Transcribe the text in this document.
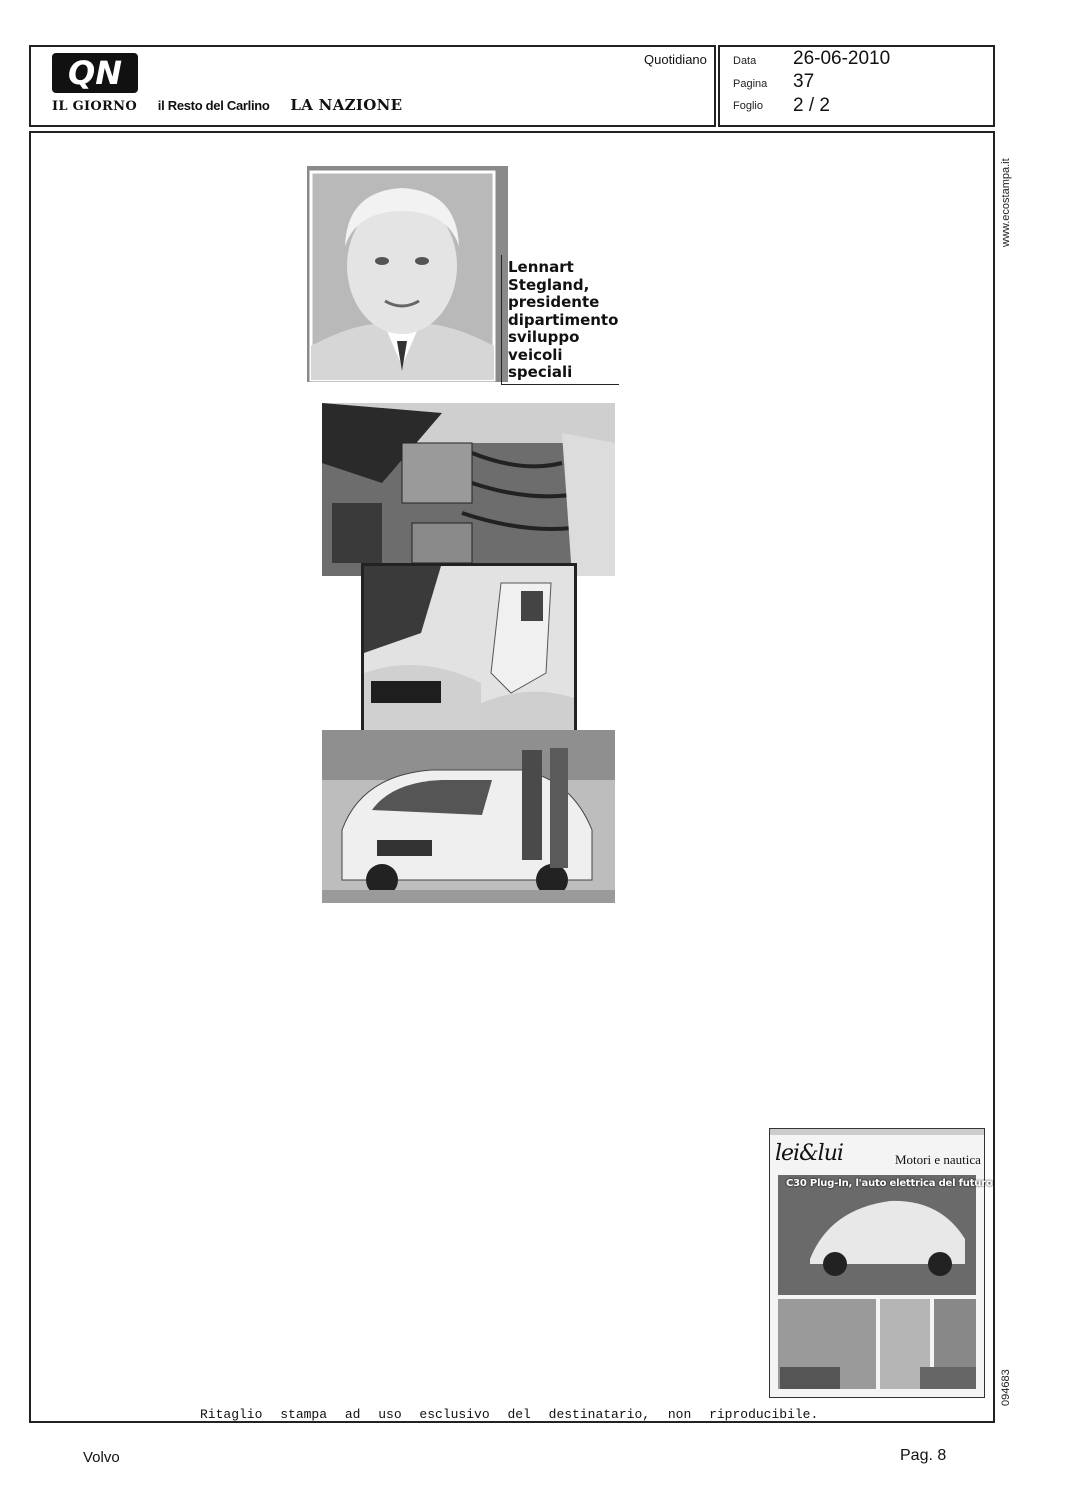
QN
IL GIORNO il Resto del Carlino LA NAZIONE
Quotidiano Data 26-06-2010
Pagina 37
Foglio 2 / 2
Lennart Stegland, presidente dipartimento sviluppo veicoli speciali
www.ecostampa.it
094683
lei&lui	Motori e nautica
C30 Plug-In, l'auto elettrica del futuro
Ritaglio stampa ad uso esclusivo del destinatario, non riproducibile.
Volvo	Pag. 8
